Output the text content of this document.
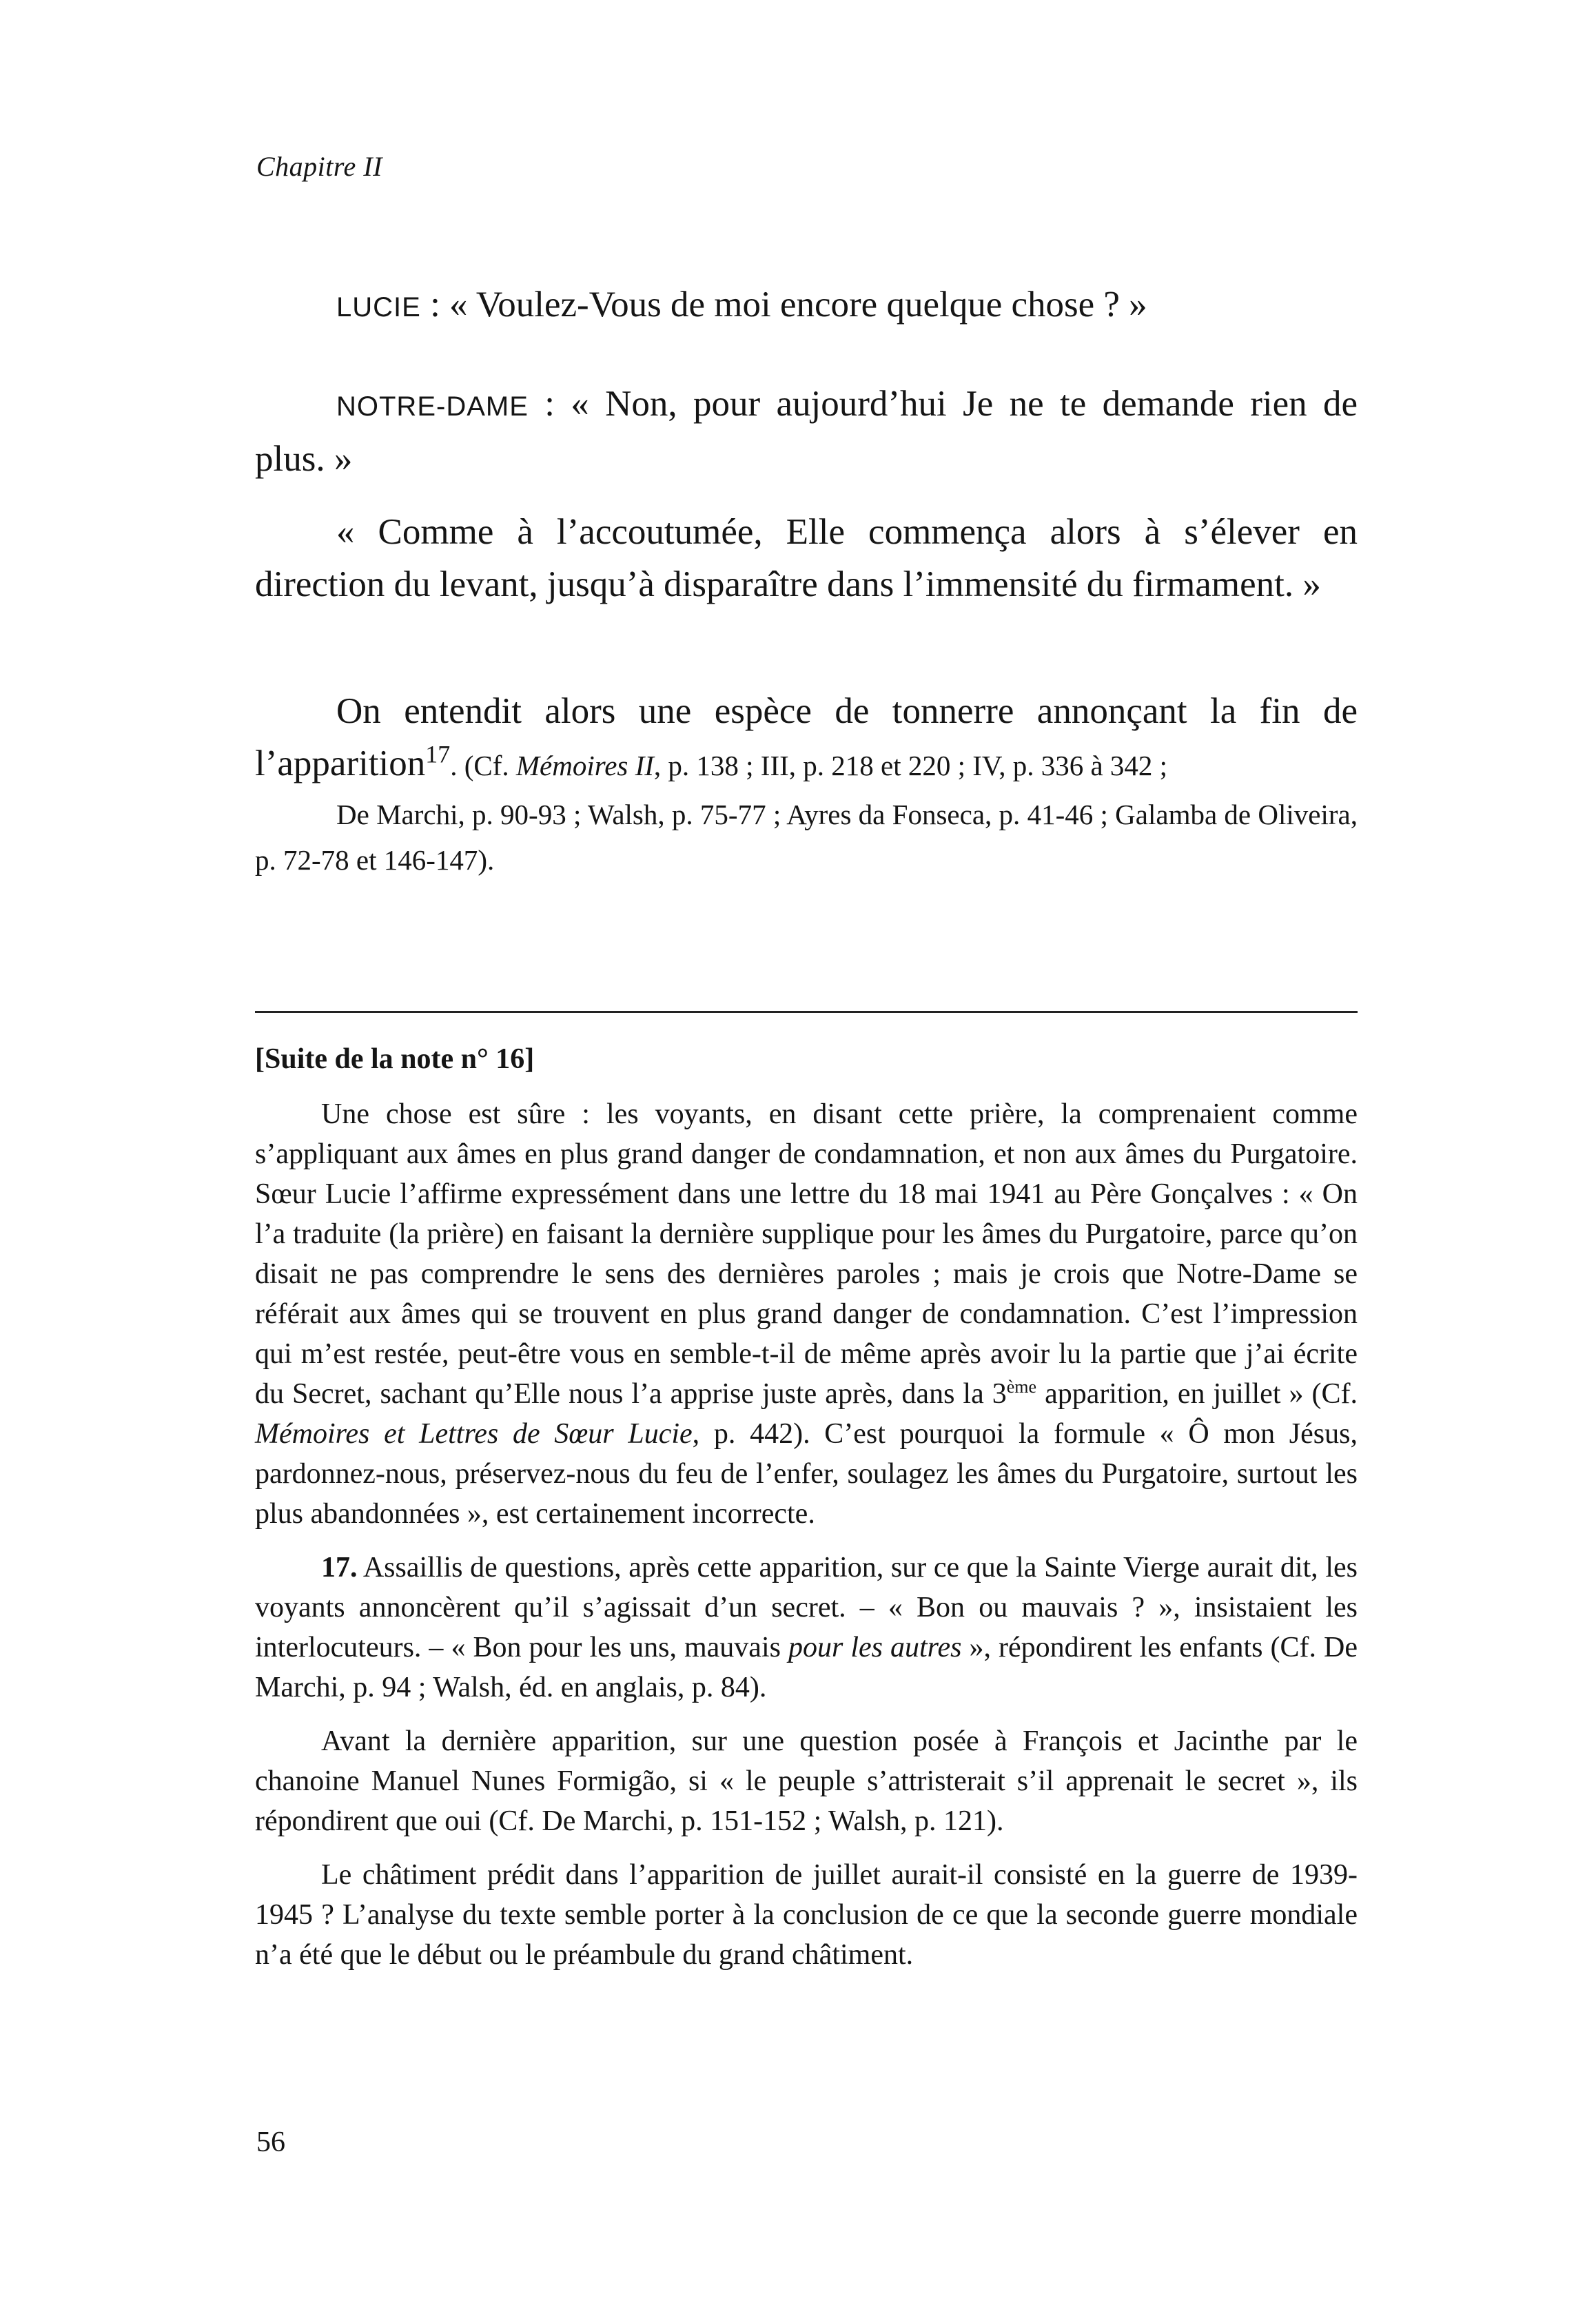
Chapitre II

LUCIE : « Voulez-Vous de moi encore quelque chose ? »

NOTRE-DAME : « Non, pour aujourd’hui Je ne te demande rien de plus. »

« Comme à l’accoutumée, Elle commença alors à s’élever en direction du levant, jusqu’à disparaître dans l’immensité du firmament. »

On entendit alors une espèce de tonnerre annonçant la fin de l’apparition$^{17}$. (Cf. Mémoires II, p. 138 ; III, p. 218 et 220 ; IV, p. 336 à 342 ;
De Marchi, p. 90-93 ; Walsh, p. 75-77 ; Ayres da Fonseca, p. 41-46 ; Galamba de Oliveira, p. 72-78 et 146-147).

[Suite de la note n° 16]

Une chose est sûre : les voyants, en disant cette prière, la comprenaient comme s’appliquant aux âmes en plus grand danger de condamnation, et non aux âmes du Purgatoire. Sœur Lucie l’affirme expressément dans une lettre du 18 mai 1941 au Père Gonçalves : « On l’a traduite (la prière) en faisant la dernière supplique pour les âmes du Purgatoire, parce qu’on disait ne pas comprendre le sens des dernières paroles ; mais je crois que Notre-Dame se référait aux âmes qui se trouvent en plus grand danger de condamnation. C’est l’impression qui m’est restée, peut-être vous en semble-t-il de même après avoir lu la partie que j’ai écrite du Secret, sachant qu’Elle nous l’a apprise juste après, dans la 3ème apparition, en juillet » (Cf. Mémoires et Lettres de Sœur Lucie, p. 442). C’est pourquoi la formule « Ô mon Jésus, pardonnez-nous, préservez-nous du feu de l’enfer, soulagez les âmes du Purgatoire, surtout les plus abandonnées », est certainement incorrecte.

17. Assaillis de questions, après cette apparition, sur ce que la Sainte Vierge aurait dit, les voyants annoncèrent qu’il s’agissait d’un secret. – « Bon ou mauvais ? », insistaient les interlocuteurs. – « Bon pour les uns, mauvais pour les autres », répondirent les enfants (Cf. De Marchi, p. 94 ; Walsh, éd. en anglais, p. 84).

Avant la dernière apparition, sur une question posée à François et Jacinthe par le chanoine Manuel Nunes Formigão, si « le peuple s’attristerait s’il apprenait le secret », ils répondirent que oui (Cf. De Marchi, p. 151-152 ; Walsh, p. 121).

Le châtiment prédit dans l’apparition de juillet aurait-il consisté en la guerre de 1939-1945 ? L’analyse du texte semble porter à la conclusion de ce que la seconde guerre mondiale n’a été que le début ou le préambule du grand châtiment.

56
